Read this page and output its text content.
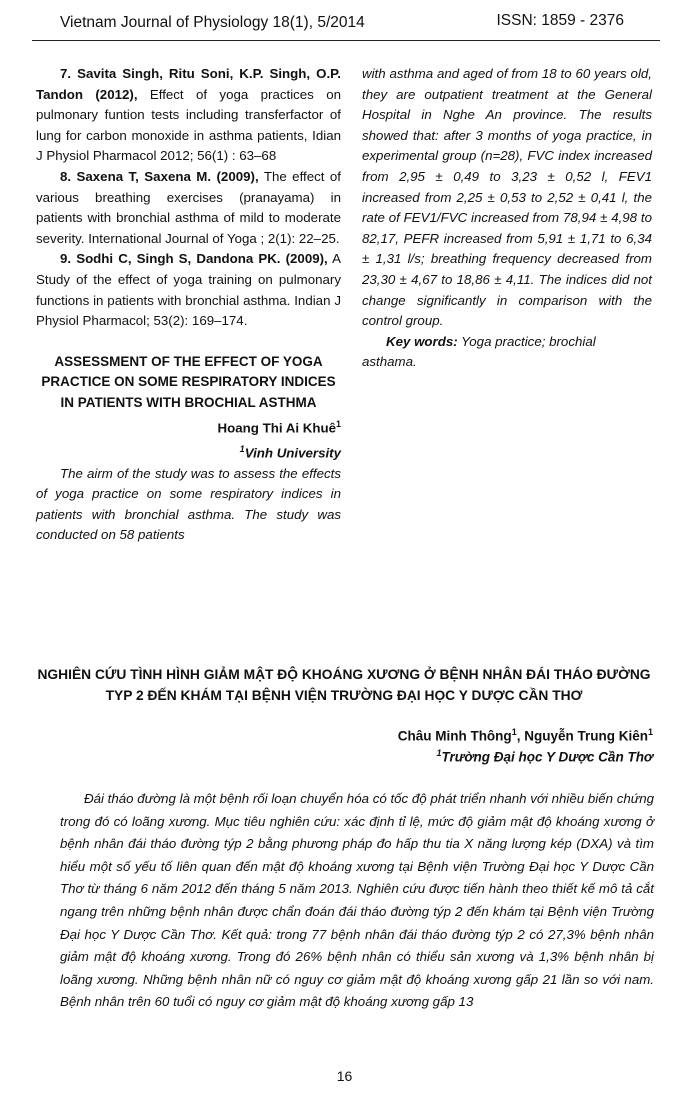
Vietnam Journal of Physiology 18(1), 5/2014	ISSN: 1859 - 2376

7. Savita Singh, Ritu Soni, K.P. Singh, O.P. Tandon (2012), Effect of yoga practices on pulmonary funtion tests including transferfactor of lung for carbon monoxide in asthma patients, Idian J Physiol Pharmacol 2012; 56(1) : 63–68

8. Saxena T, Saxena M. (2009), The effect of various breathing exercises (pranayama) in patients with bronchial asthma of mild to moderate severity. International Journal of Yoga ; 2(1): 22–25.

9. Sodhi C, Singh S, Dandona PK. (2009), A Study of the effect of yoga training on pulmonary functions in patients with bronchial asthma. Indian J Physiol Pharmacol; 53(2): 169–174.

ASSESSMENT OF THE EFFECT OF YOGA PRACTICE ON SOME RESPIRATORY INDICES IN PATIENTS WITH BROCHIAL ASTHMA
Hoang Thi Ai Khuê$^1$
$^1$Vinh University

The airm of the study was to assess the effects of yoga practice on some respiratory indices in patients with bronchial asthma. The study was conducted on 58 patients

with asthma and aged of from 18 to 60 years old, they are outpatient treatment at the General Hospital in Nghe An province. The results showed that: after 3 months of yoga practice, in experimental group (n=28), FVC index increased from 2,95 ± 0,49 to 3,23 ± 0,52 l, FEV1 increased from 2,25 ± 0,53 to 2,52 ± 0,41 l, the rate of FEV1/FVC increased from 78,94 ± 4,98 to 82,17, PEFR increased from 5,91 ± 1,71 to 6,34 ± 1,31 l/s; breathing frequency decreased from 23,30 ± 4,67 to 18,86 ± 4,11. The indices did not change significantly in comparison with the control group.

Key words: Yoga practice; brochial asthama.

NGHIÊN CỨU TÌNH HÌNH GIẢM MẬT ĐỘ KHOÁNG XƯƠNG Ở BỆNH NHÂN ĐÁI THÁO ĐƯỜNG TYP 2 ĐẾN KHÁM TẠI BỆNH VIỆN TRƯỜNG ĐẠI HỌC Y DƯỢC CẦN THƠ
Châu Minh Thông$^1$, Nguyễn Trung Kiên$^1$
$^1$Trường Đại học Y Dược Cần Thơ

Đái tháo đường là một bệnh rối loạn chuyển hóa có tốc độ phát triển nhanh với nhiều biến chứng trong đó có loãng xương. Mục tiêu nghiên cứu: xác định tỉ lệ, mức độ giảm mật độ khoáng xương ở bệnh nhân đái tháo đường týp 2 bằng phương pháp đo hấp thu tia X năng lượng kép (DXA) và tìm hiểu một số yếu tố liên quan đến mật độ khoáng xương tại Bệnh viện Trường Đại học Y Dược Cần Thơ từ tháng 6 năm 2012 đến tháng 5 năm 2013. Nghiên cứu được tiến hành theo thiết kế mô tả cắt ngang trên những bệnh nhân được chẩn đoán đái tháo đường týp 2 đến khám tại Bệnh viện Trường Đại học Y Dược Cần Thơ. Kết quả: trong 77 bệnh nhân đái tháo đường týp 2 có 27,3% bệnh nhân giảm mật độ khoáng xương. Trong đó 26% bệnh nhân có thiểu sản xương và 1,3% bệnh nhân bị loãng xương. Những bệnh nhân nữ có nguy cơ giảm mật độ khoáng xương gấp 21 lần so với nam. Bệnh nhân trên 60 tuổi có nguy cơ giảm mật độ khoáng xương gấp 13

16
